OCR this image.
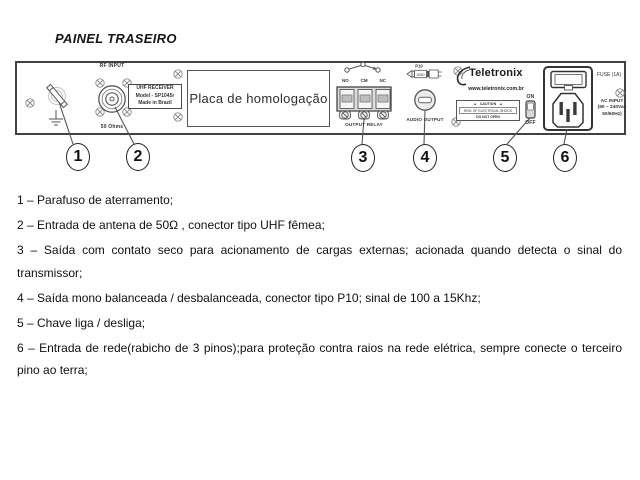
PAINEL TRASEIRO
P10
GND
RF INPUT
50 Ohms
UHF RECEIVER
Model - SP1045r
Made in Brazil Placa de homologação
NO	CM	NC
OUTPUT RELAY
AUDIO OUTPUT
Teletronix
www.teletronix.com.br
▲ CAUTION ▲
RISK OF ELECTRICAL SHOCK
DO NOT OPEN
ON
OFF
FUSE (1A)
AC INPUT
(90 ~ 240Vac
50/60Hz)
1	2	3	4	5	6

1 – Parafuso de aterramento;

2 – Entrada de antena de 50Ω , conector tipo UHF fêmea;

3 – Saída com contato seco para acionamento de cargas externas; acionada quando detecta o sinal do transmissor;

4 – Saída mono balanceada / desbalanceada, conector tipo P10; sinal de 100 a 15Khz;

5 – Chave liga / desliga;

6 – Entrada de rede(rabicho de 3 pinos);para proteção contra raios na rede elétrica, sempre conecte o terceiro pino ao terra;
